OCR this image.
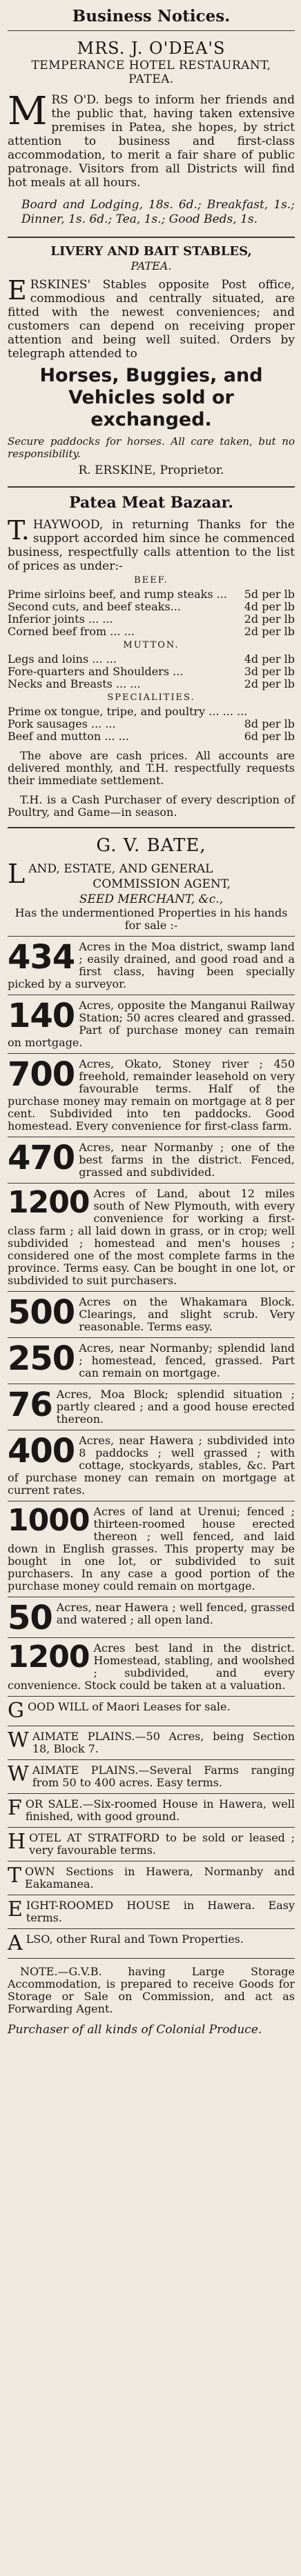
Business Notices.
MRS. J. O'DEA'S
TEMPERANCE HOTEL RESTAURANT,
PATEA.
M RS O'D. begs to inform her friends and the public that, having taken extensive premises in Patea, she hopes, by strict attention to business and first-class accommodation, to merit a fair share of public patronage. Visitors from all Districts will find hot meals at all hours.
Board and Lodging, 18s. 6d.; Breakfast, 1s.; Dinner, 1s. 6d.; Tea, 1s.; Good Beds, 1s.
LIVERY AND BAIT STABLES,
PATEA.
E RSKINES' Stables opposite Post office, commodious and centrally situated, are fitted with the newest conveniences; and customers can depend on receiving proper attention and being well suited. Orders by telegraph attended to
Horses, Buggies, and Vehicles sold or exchanged.
Secure paddocks for horses. All care taken, but no responsibility.
R. ERSKINE, Proprietor.
Patea Meat Bazaar.
T. HAYWOOD, in returning Thanks for the support accorded him since he commenced business, respectfully calls attention to the list of prices as under:-
BEEF.
Prime sirloins beef, and rump steaks ...	5d per lb
Second cuts, and beef steaks...	4d per lb
Inferior joints ... ...	2d per lb
Corned beef from ... ...	2d per lb
MUTTON.
Legs and loins ... ...	4d per lb
Fore-quarters and Shoulders ...	3d per lb
Necks and Breasts ... ...	2d per lb
SPECIALITIES.
Prime ox tongue, tripe, and poultry ... ... ...
Pork sausages ... ...	8d per lb
Beef and mutton ... ...	6d per lb
The above are cash prices. All accounts are delivered monthly, and T.H. respectfully requests their immediate settlement.
T.H. is a Cash Purchaser of every description of Poultry, and Game—in season.
G. V. BATE,
L AND, ESTATE, AND GENERAL
COMMISSION AGENT,
SEED MERCHANT, &c.,
Has the undermentioned Properties in his hands for sale :-
434 Acres in the Moa district, swamp land ; easily drained, and good road and a first class, having been specially picked by a surveyor.
140 Acres, opposite the Manganui Railway Station; 50 acres cleared and grassed. Part of purchase money can remain on mortgage.
700 Acres, Okato, Stoney river ; 450 freehold, remainder leasehold on very favourable terms. Half of the purchase money may remain on mortgage at 8 per cent. Subdivided into ten paddocks. Good homestead. Every convenience for first-class farm.
470 Acres, near Normanby ; one of the best farms in the district. Fenced, grassed and subdivided.
1200 Acres of Land, about 12 miles south of New Plymouth, with every convenience for working a first-class farm ; all laid down in grass, or in crop; well subdivided ; homestead and men's houses ; considered one of the most complete farms in the province. Terms easy. Can be bought in one lot, or subdivided to suit purchasers.
500 Acres on the Whakamara Block. Clearings, and slight scrub. Very reasonable. Terms easy.
250 Acres, near Normanby; splendid land ; homestead, fenced, grassed. Part can remain on mortgage.
76 Acres, Moa Block; splendid situation ; partly cleared ; and a good house erected thereon.
400 Acres, near Hawera ; subdivided into 8 paddocks ; well grassed ; with cottage, stockyards, stables, &c. Part of purchase money can remain on mortgage at current rates.
1000 Acres of land at Urenui; fenced ; thirteen-roomed house erected thereon ; well fenced, and laid down in English grasses. This property may be bought in one lot, or subdivided to suit purchasers. In any case a good portion of the purchase money could remain on mortgage.
50 Acres, near Hawera ; well fenced, grassed and watered ; all open land.
1200 Acres best land in the district. Homestead, stabling, and woolshed ; subdivided, and every convenience. Stock could be taken at a valuation.
GOOD WILL of Maori Leases for sale.
WAIMATE PLAINS.—50 Acres, being Section 18, Block 7.
WAIMATE PLAINS.—Several Farms ranging from 50 to 400 acres. Easy terms.
FOR SALE.—Six-roomed House in Hawera, well finished, with good ground.
HOTEL AT STRATFORD to be sold or leased ; very favourable terms.
TOWN Sections in Hawera, Normanby and Eakamanea.
EIGHT-ROOMED HOUSE in Hawera. Easy terms.
ALSO, other Rural and Town Properties.
NOTE.—G.V.B. having Large Storage Accommodation, is prepared to receive Goods for Storage or Sale on Commission, and act as Forwarding Agent.
Purchaser of all kinds of Colonial Produce.
